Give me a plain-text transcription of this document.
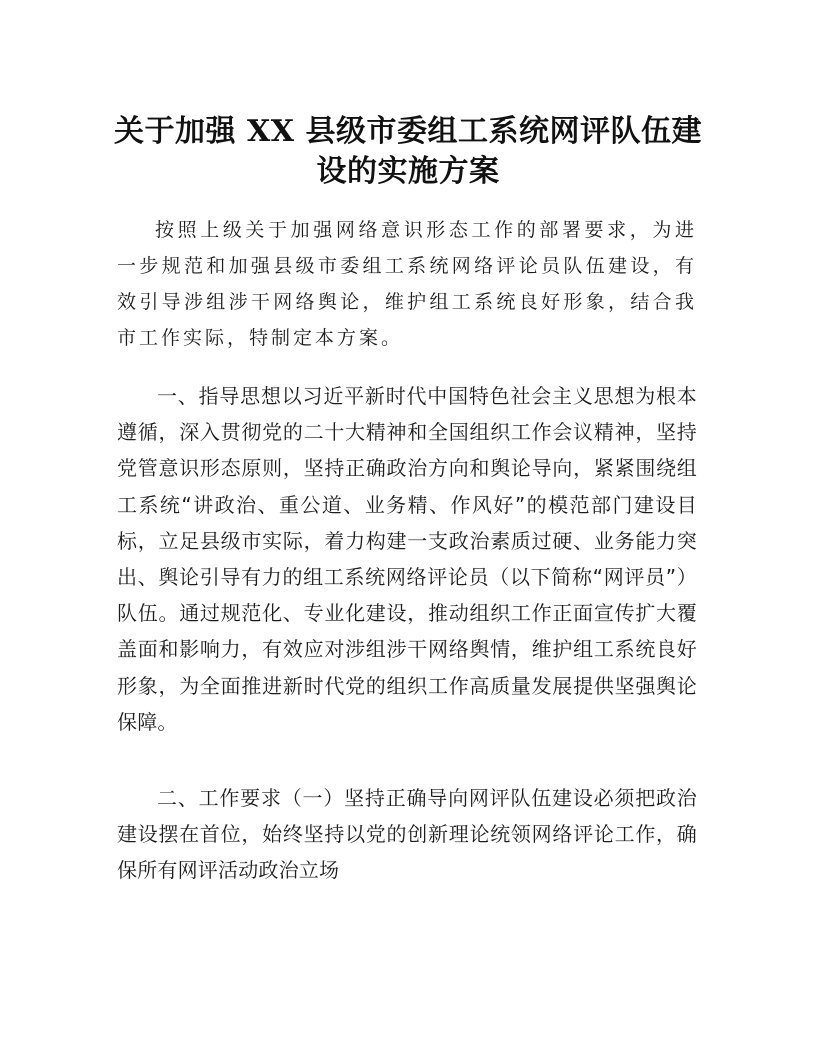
关于加强 XX 县级市委组工系统网评队伍建
设的实施方案

按照上级关于加强网络意识形态工作的部署要求，为进一步规范和加强县级市委组工系统网络评论员队伍建设，有效引导涉组涉干网络舆论，维护组工系统良好形象，结合我市工作实际，特制定本方案。

一、指导思想以习近平新时代中国特色社会主义思想为根本遵循，深入贯彻党的二十大精神和全国组织工作会议精神，坚持党管意识形态原则，坚持正确政治方向和舆论导向，紧紧围绕组工系统“讲政治、重公道、业务精、作风好”的模范部门建设目标，立足县级市实际，着力构建一支政治素质过硬、业务能力突出、舆论引导有力的组工系统网络评论员（以下简称“网评员”）队伍。通过规范化、专业化建设，推动组织工作正面宣传扩大覆盖面和影响力，有效应对涉组涉干网络舆情，维护组工系统良好形象，为全面推进新时代党的组织工作高质量发展提供坚强舆论保障。

二、工作要求（一）坚持正确导向网评队伍建设必须把政治建设摆在首位，始终坚持以党的创新理论统领网络评论工作，确保所有网评活动政治立场
